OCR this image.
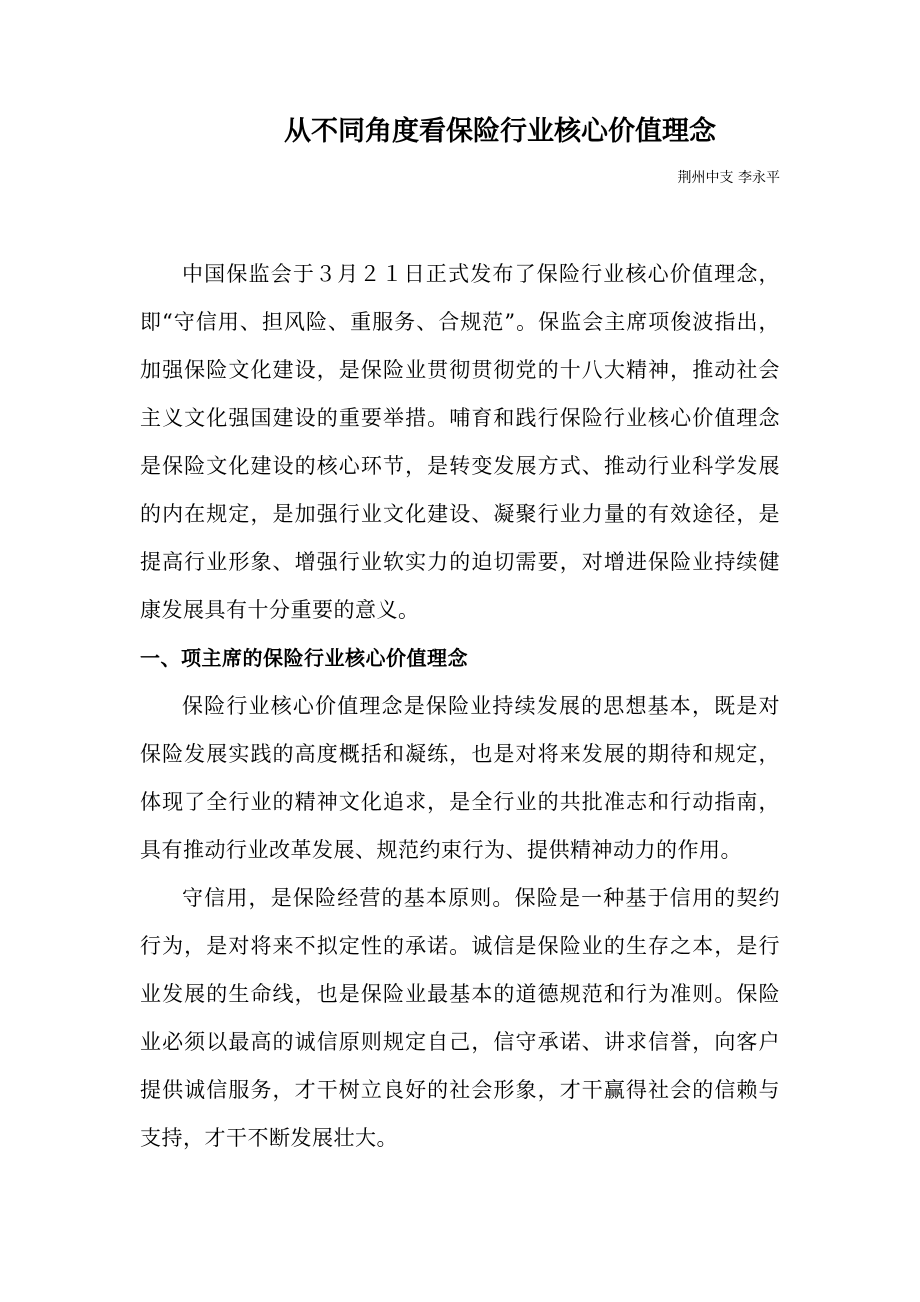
从不同角度看保险行业核心价值理念

荆州中支 李永平

中国保监会于３月２１日正式发布了保险行业核心价值理念，即“守信用、担风险、重服务、合规范”。保监会主席项俊波指出，加强保险文化建设，是保险业贯彻贯彻党的十八大精神，推动社会主义文化强国建设的重要举措。哺育和践行保险行业核心价值理念是保险文化建设的核心环节，是转变发展方式、推动行业科学发展的内在规定，是加强行业文化建设、凝聚行业力量的有效途径，是提高行业形象、增强行业软实力的迫切需要，对增进保险业持续健康发展具有十分重要的意义。

一、项主席的保险行业核心价值理念

保险行业核心价值理念是保险业持续发展的思想基本，既是对保险发展实践的高度概括和凝练，也是对将来发展的期待和规定，体现了全行业的精神文化追求，是全行业的共批准志和行动指南，具有推动行业改革发展、规范约束行为、提供精神动力的作用。

守信用，是保险经营的基本原则。保险是一种基于信用的契约行为，是对将来不拟定性的承诺。诚信是保险业的生存之本，是行业发展的生命线，也是保险业最基本的道德规范和行为准则。保险业必须以最高的诚信原则规定自己，信守承诺、讲求信誉，向客户提供诚信服务，才干树立良好的社会形象，才干赢得社会的信赖与支持，才干不断发展壮大。
